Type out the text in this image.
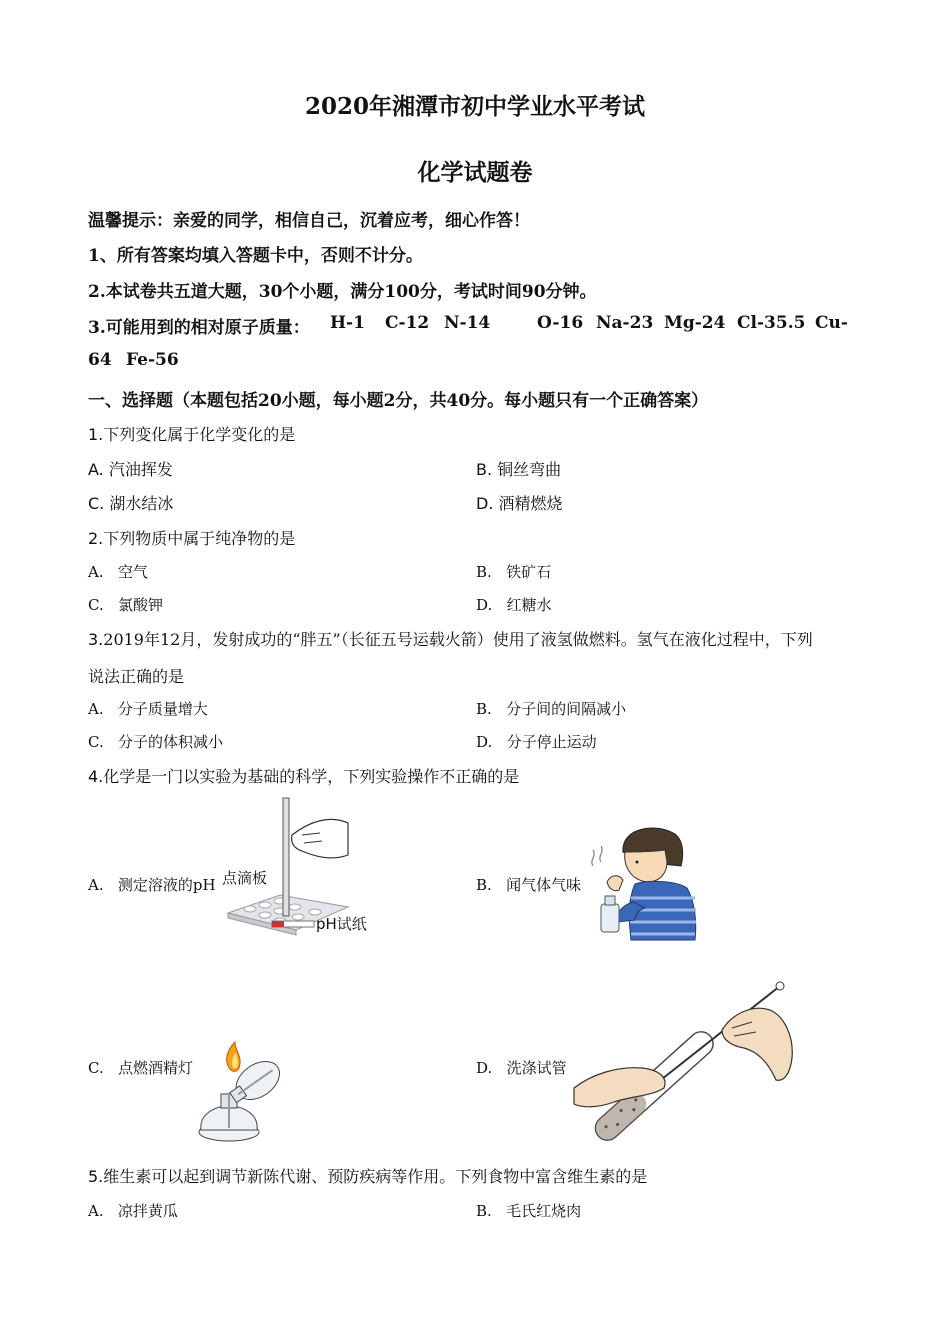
2020年湘潭市初中学业水平考试
化学试题卷
温馨提示：亲爱的同学，相信自己，沉着应考，细心作答！
1、所有答案均填入答题卡中，否则不计分。
2.本试卷共五道大题，30个小题，满分100分，考试时间90分钟。
3.可能用到的相对原子质量： H-1 C-12 N-14	O-16 Na-23 Mg-24 Cl-35.5 Cu-
64 Fe-56
一、选择题（本题包括20小题，每小题2分，共40分。每小题只有一个正确答案）
1.下列变化属于化学变化的是
A. 汽油挥发	B. 铜丝弯曲
C. 湖水结冰	D. 酒精燃烧
2.下列物质中属于纯净物的是
A. 空气	B. 铁矿石
C. 氯酸钾	D. 红糖水
3.2019年12月，发射成功的“胖五”（长征五号运载火箭）使用了液氢做燃料。氢气在液化过程中，下列
说法正确的是
A. 分子质量增大	B. 分子间的间隔减小
C. 分子的体积减小	D. 分子停止运动
4.化学是一门以实验为基础的科学，下列实验操作不正确的是
A. 测定溶液的pH	B. 闻气体气味
C. 点燃酒精灯	D. 洗涤试管
点滴板
pH试纸
5.维生素可以起到调节新陈代谢、预防疾病等作用。下列食物中富含维生素的是
A. 凉拌黄瓜	B. 毛氏红烧肉
